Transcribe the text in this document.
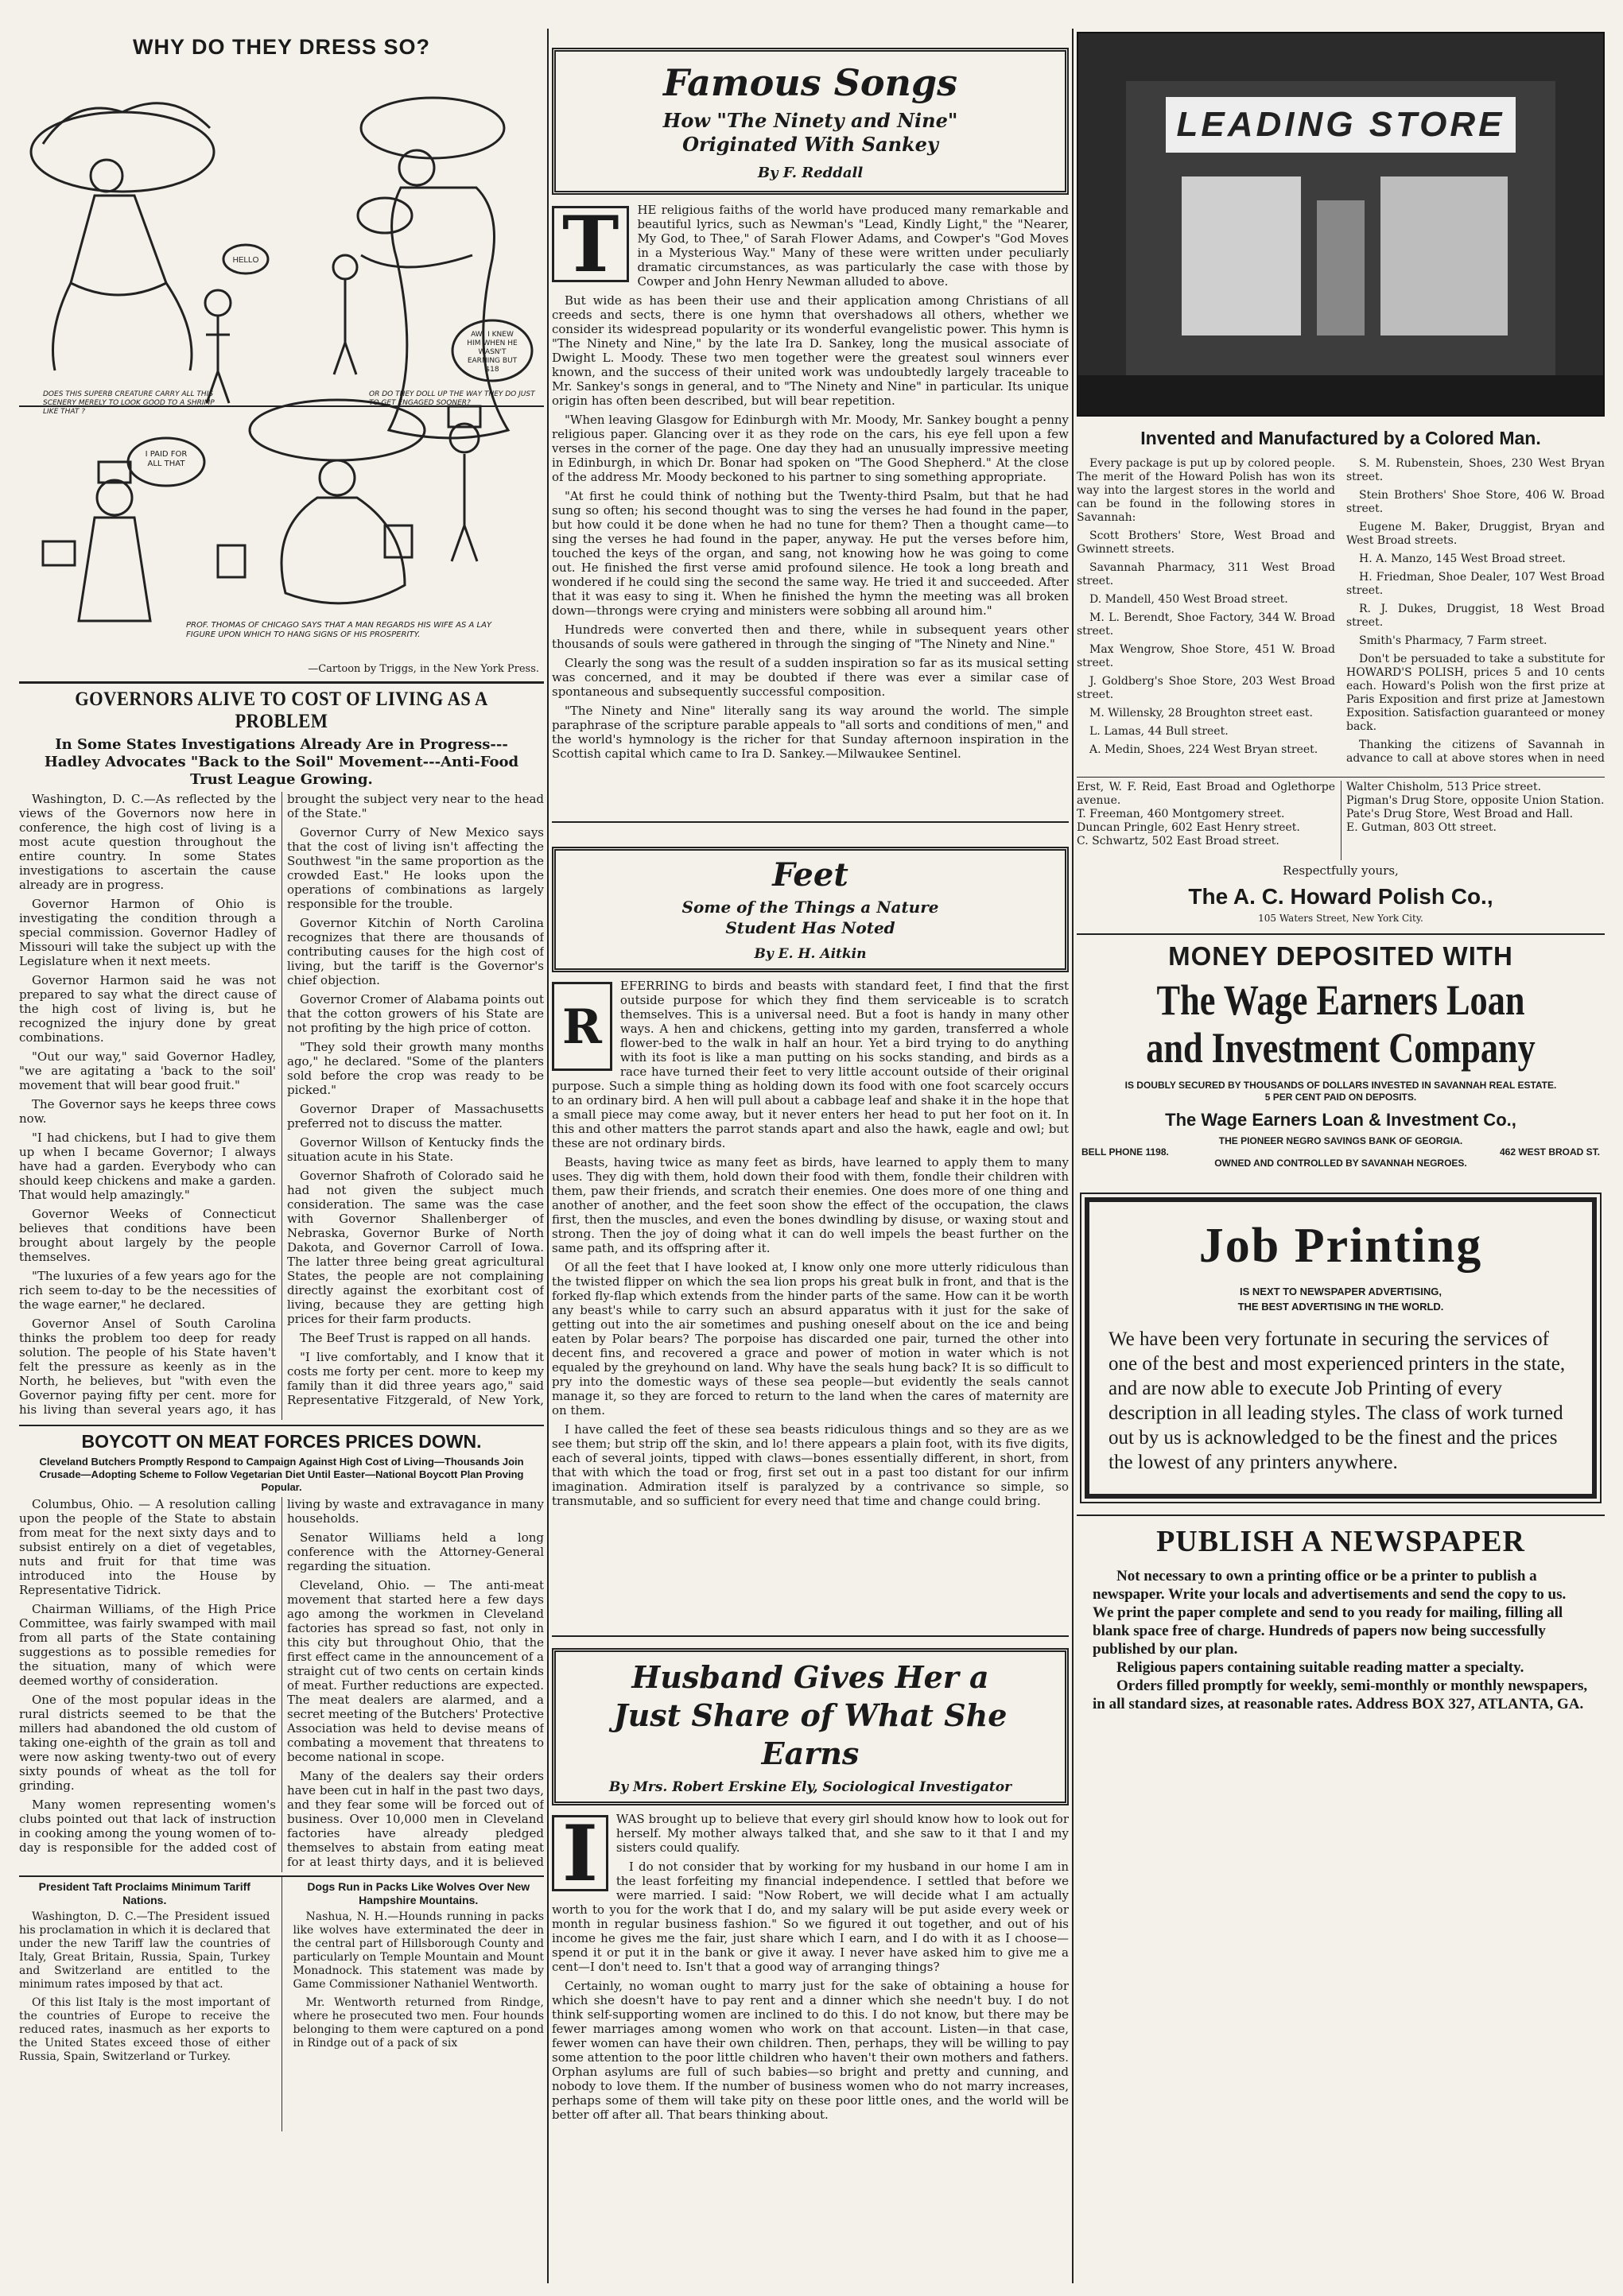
WHY DO THEY DRESS SO?
HELLO
DOES THIS SUPERB CREATURE CARRY ALL THIS SCENERY MERELY TO LOOK GOOD TO A SHRIMP LIKE THAT ?
OR DO THEY DOLL UP THE WAY THEY DO JUST TO GET ENGAGED SOONER?
I PAID FOR ALL THAT
AW! I KNEW HIM WHEN HE WASN'T EARNING BUT $18
PROF. THOMAS OF CHICAGO SAYS THAT A MAN REGARDS HIS WIFE AS A LAY FIGURE UPON WHICH TO HANG SIGNS OF HIS PROSPERITY.
—Cartoon by Triggs, in the New York Press.
GOVERNORS ALIVE TO COST OF LIVING AS A PROBLEM
In Some States Investigations Already Are in Progress---Hadley Advocates "Back to the Soil" Movement---Anti-Food Trust League Growing.

Washington, D. C.—As reflected by the views of the Governors now here in conference, the high cost of living is a most acute question throughout the entire country. In some States investigations to ascertain the cause already are in progress.

Governor Harmon of Ohio is investigating the condition through a special commission. Governor Hadley of Missouri will take the subject up with the Legislature when it next meets.

Governor Harmon said he was not prepared to say what the direct cause of the high cost of living is, but he recognized the injury done by great combinations.

"Out our way," said Governor Hadley, "we are agitating a 'back to the soil' movement that will bear good fruit."

The Governor says he keeps three cows now.

"I had chickens, but I had to give them up when I became Governor; I always have had a garden. Everybody who can should keep chickens and make a garden. That would help amazingly."

Governor Weeks of Connecticut believes that conditions have been brought about largely by the people themselves.

"The luxuries of a few years ago for the rich seem to-day to be the necessities of the wage earner," he declared.

Governor Ansel of South Carolina thinks the problem too deep for ready solution. The people of his State haven't felt the pressure as keenly as in the North, he believes, but "with even the Governor paying fifty per cent. more for his living than several years ago, it has brought the subject very near to the head of the State."

Governor Curry of New Mexico says that the cost of living isn't affecting the Southwest "in the same proportion as the crowded East." He looks upon the operations of combinations as largely responsible for the trouble.

Governor Kitchin of North Carolina recognizes that there are thousands of contributing causes for the high cost of living, but the tariff is the Governor's chief objection.

Governor Cromer of Alabama points out that the cotton growers of his State are not profiting by the high price of cotton.

"They sold their growth many months ago," he declared. "Some of the planters sold before the crop was ready to be picked."

Governor Draper of Massachusetts preferred not to discuss the matter.

Governor Willson of Kentucky finds the situation acute in his State.

Governor Shafroth of Colorado said he had not given the subject much consideration. The same was the case with Governor Shallenberger of Nebraska, Governor Burke of North Dakota, and Governor Carroll of Iowa. The latter three being great agricultural States, the people are not complaining directly against the exorbitant cost of living, because they are getting high prices for their farm products.

The Beef Trust is rapped on all hands.

"I live comfortably, and I know that it costs me forty per cent. more to keep my family than it did three years ago," said Representative Fitzgerald, of New York,

BOYCOTT ON MEAT FORCES PRICES DOWN.
Cleveland Butchers Promptly Respond to Campaign Against High Cost of Living—Thousands Join Crusade—Adopting Scheme to Follow Vegetarian Diet Until Easter—National Boycott Plan Proving Popular.

Columbus, Ohio. — A resolution calling upon the people of the State to abstain from meat for the next sixty days and to subsist entirely on a diet of vegetables, nuts and fruit for that time was introduced into the House by Representative Tidrick.

Chairman Williams, of the High Price Committee, was fairly swamped with mail from all parts of the State containing suggestions as to possible remedies for the situation, many of which were deemed worthy of consideration.

One of the most popular ideas in the rural districts seemed to be that the millers had abandoned the old custom of taking one-eighth of the grain as toll and were now asking twenty-two out of every sixty pounds of wheat as the toll for grinding.

Many women representing women's clubs pointed out that lack of instruction in cooking among the young women of to-day is responsible for the added cost of living by waste and extravagance in many households.

Senator Williams held a long conference with the Attorney-General regarding the situation.

Cleveland, Ohio. — The anti-meat movement that started here a few days ago among the workmen in Cleveland factories has spread so fast, not only in this city but throughout Ohio, that the first effect came in the announcement of a straight cut of two cents on certain kinds of meat. Further reductions are expected. The meat dealers are alarmed, and a secret meeting of the Butchers' Protective Association was held to devise means of combating a movement that threatens to become national in scope.

Many of the dealers say their orders have been cut in half in the past two days, and they fear some will be forced out of business. Over 10,000 men in Cleveland factories have already pledged themselves to abstain from eating meat for at least thirty days, and it is believed

President Taft Proclaims Minimum Tariff Nations.

Washington, D. C.—The President issued his proclamation in which it is declared that under the new Tariff law the countries of Italy, Great Britain, Russia, Spain, Turkey and Switzerland are entitled to the minimum rates imposed by that act.

Of this list Italy is the most important of the countries of Europe to receive the reduced rates, inasmuch as her exports to the United States exceed those of either Russia, Spain, Switzerland or Turkey.

Dogs Run in Packs Like Wolves Over New Hampshire Mountains.

Nashua, N. H.—Hounds running in packs like wolves have exterminated the deer in the central part of Hillsborough County and particularly on Temple Mountain and Mount Monadnock. This statement was made by Game Commissioner Nathaniel Wentworth.

Mr. Wentworth returned from Rindge, where he prosecuted two men. Four hounds belonging to them were captured on a pond in Rindge out of a pack of six

Famous Songs
How "The Ninety and Nine" Originated With Sankey
By F. Reddall
T	HE religious faiths of the world have produced many remarkable and beautiful lyrics, such as Newman's "Lead, Kindly Light," the "Nearer, My God, to Thee," of Sarah Flower Adams, and Cowper's "God Moves in a Mysterious Way." Many of these were written under peculiarly dramatic circumstances, as was particularly the case with those by Cowper and John Henry Newman alluded to above.

But wide as has been their use and their application among Christians of all creeds and sects, there is one hymn that overshadows all others, whether we consider its widespread popularity or its wonderful evangelistic power. This hymn is "The Ninety and Nine," by the late Ira D. Sankey, long the musical associate of Dwight L. Moody. These two men together were the greatest soul winners ever known, and the success of their united work was undoubtedly largely traceable to Mr. Sankey's songs in general, and to "The Ninety and Nine" in particular. Its unique origin has often been described, but will bear repetition.

"When leaving Glasgow for Edinburgh with Mr. Moody, Mr. Sankey bought a penny religious paper. Glancing over it as they rode on the cars, his eye fell upon a few verses in the corner of the page. One day they had an unusually impressive meeting in Edinburgh, in which Dr. Bonar had spoken on "The Good Shepherd." At the close of the address Mr. Moody beckoned to his partner to sing something appropriate.

"At first he could think of nothing but the Twenty-third Psalm, but that he had sung so often; his second thought was to sing the verses he had found in the paper, but how could it be done when he had no tune for them? Then a thought came—to sing the verses he had found in the paper, anyway. He put the verses before him, touched the keys of the organ, and sang, not knowing how he was going to come out. He finished the first verse amid profound silence. He took a long breath and wondered if he could sing the second the same way. He tried it and succeeded. After that it was easy to sing it. When he finished the hymn the meeting was all broken down—throngs were crying and ministers were sobbing all around him."

Hundreds were converted then and there, while in subsequent years other thousands of souls were gathered in through the singing of "The Ninety and Nine."

Clearly the song was the result of a sudden inspiration so far as its musical setting was concerned, and it may be doubted if there was ever a similar case of spontaneous and subsequently successful composition.

"The Ninety and Nine" literally sang its way around the world. The simple paraphrase of the scripture parable appeals to "all sorts and conditions of men," and the world's hymnology is the richer for that Sunday afternoon inspiration in the Scottish capital which came to Ira D. Sankey.—Milwaukee Sentinel.

Feet
Some of the Things a Nature Student Has Noted
By E. H. Aitkin
R

EFERRING to birds and beasts with standard feet, I find that the first outside purpose for which they find them serviceable is to scratch themselves. This is a universal need. But a foot is handy in many other ways. A hen and chickens, getting into my garden, transferred a whole flower-bed to the walk in half an hour. Yet a bird trying to do anything with its foot is like a man putting on his socks standing, and birds as a race have turned their feet to very little account outside of their original purpose. Such a simple thing as holding down its food with one foot scarcely occurs to an ordinary bird. A hen will pull about a cabbage leaf and shake it in the hope that a small piece may come away, but it never enters her head to put her foot on it. In this and other matters the parrot stands apart and also the hawk, eagle and owl; but these are not ordinary birds.

Beasts, having twice as many feet as birds, have learned to apply them to many uses. They dig with them, hold down their food with them, fondle their children with them, paw their friends, and scratch their enemies. One does more of one thing and another of another, and the feet soon show the effect of the occupation, the claws first, then the muscles, and even the bones dwindling by disuse, or waxing stout and strong. Then the joy of doing what it can do well impels the beast further on the same path, and its offspring after it.

Of all the feet that I have looked at, I know only one more utterly ridiculous than the twisted flipper on which the sea lion props his great bulk in front, and that is the forked fly-flap which extends from the hinder parts of the same. How can it be worth any beast's while to carry such an absurd apparatus with it just for the sake of getting out into the air sometimes and pushing oneself about on the ice and being eaten by Polar bears? The porpoise has discarded one pair, turned the other into decent fins, and recovered a grace and power of motion in water which is not equaled by the greyhound on land. Why have the seals hung back? It is so difficult to pry into the domestic ways of these sea people—but evidently the seals cannot manage it, so they are forced to return to the land when the cares of maternity are on them.

I have called the feet of these sea beasts ridiculous things and so they are as we see them; but strip off the skin, and lo! there appears a plain foot, with its five digits, each of several joints, tipped with claws—bones essentially different, in short, from that with which the toad or frog, first set out in a past too distant for our infirm imagination. Admiration itself is paralyzed by a contrivance so simple, so transmutable, and so sufficient for every need that time and change could bring.

Husband Gives Her a Just Share of What She Earns
By Mrs. Robert Erskine Ely, Sociological Investigator
I	WAS brought up to believe that every girl should know how to look out for herself. My mother always talked that, and she saw to it that I and my sisters could qualify.

I do not consider that by working for my husband in our home I am in the least forfeiting my financial independence. I settled that before we were married. I said: "Now Robert, we will decide what I am actually worth to you for the work that I do, and my salary will be put aside every week or month in regular business fashion." So we figured it out together, and out of his income he gives me the fair, just share which I earn, and I do with it as I choose—spend it or put it in the bank or give it away. I never have asked him to give me a cent—I don't need to. Isn't that a good way of arranging things?

Certainly, no woman ought to marry just for the sake of obtaining a house for which she doesn't have to pay rent and a dinner which she needn't buy. I do not think self-supporting women are inclined to do this. I do not know, but there may be fewer marriages among women who work on that account. Listen—in that case, fewer women can have their own children. Then, perhaps, they will be willing to pay some attention to the poor little children who haven't their own mothers and fathers. Orphan asylums are full of such babies—so bright and pretty and cunning, and nobody to love them. If the number of business women who do not marry increases, perhaps some of them will take pity on these poor little ones, and the world will be better off after all. That bears thinking about.

LEADING STORE
Invented and Manufactured by a Colored Man.

Every package is put up by colored people. The merit of the Howard Polish has won its way into the largest stores in the world and can be found in the following stores in Savannah:

Scott Brothers' Store, West Broad and Gwinnett streets.

Savannah Pharmacy, 311 West Broad street.

D. Mandell, 450 West Broad street.

M. L. Berendt, Shoe Factory, 344 W. Broad street.

Max Wengrow, Shoe Store, 451 W. Broad street.

J. Goldberg's Shoe Store, 203 West Broad street.

M. Willensky, 28 Broughton street east.

L. Lamas, 44 Bull street.

A. Medin, Shoes, 224 West Bryan street.

S. M. Rubenstein, Shoes, 230 West Bryan street.

Stein Brothers' Shoe Store, 406 W. Broad street.

Eugene M. Baker, Druggist, Bryan and West Broad streets.

H. A. Manzo, 145 West Broad street.

H. Friedman, Shoe Dealer, 107 West Broad street.

R. J. Dukes, Druggist, 18 West Broad street.

Smith's Pharmacy, 7 Farm street.

Don't be persuaded to take a substitute for HOWARD'S POLISH, prices 5 and 10 cents each. Howard's Polish won the first prize at Paris Exposition and first prize at Jamestown Exposition. Satisfaction guaranteed or money back.

Thanking the citizens of Savannah in advance to call at above stores when in need

Erst, W. F. Reid, East Broad and Oglethorpe avenue.

T. Freeman, 460 Montgomery street.

Duncan Pringle, 602 East Henry street.

C. Schwartz, 502 East Broad street.

Walter Chisholm, 513 Price street.

Pigman's Drug Store, opposite Union Station.

Pate's Drug Store, West Broad and Hall.

E. Gutman, 803 Ott street.

Respectfully yours,
The A. C. Howard Polish Co.,
105 Waters Street, New York City.
MONEY DEPOSITED WITH
The Wage Earners Loan and Investment Company
IS DOUBLY SECURED BY THOUSANDS OF DOLLARS INVESTED IN SAVANNAH REAL ESTATE.
5 PER CENT PAID ON DEPOSITS.
The Wage Earners Loan & Investment Co.,
THE PIONEER NEGRO SAVINGS BANK OF GEORGIA.
BELL PHONE 1198.	462 WEST BROAD ST.
OWNED AND CONTROLLED BY SAVANNAH NEGROES.
Job Printing
IS NEXT TO NEWSPAPER ADVERTISING,
THE BEST ADVERTISING IN THE WORLD.
We have been very fortunate in securing the services of one of the best and most experienced printers in the state, and are now able to execute Job Printing of every description in all leading styles. The class of work turned out by us is acknowledged to be the finest and the prices the lowest of any printers anywhere.
PUBLISH A NEWSPAPER
Not necessary to own a printing office or be a printer to publish a newspaper. Write your locals and advertisements and send the copy to us. We print the paper complete and send to you ready for mailing, filling all blank space free of charge. Hundreds of papers now being successfully published by our plan.
Religious papers containing suitable reading matter a specialty.
Orders filled promptly for weekly, semi-monthly or monthly newspapers, in all standard sizes, at reasonable rates. Address BOX 327, ATLANTA, GA.
